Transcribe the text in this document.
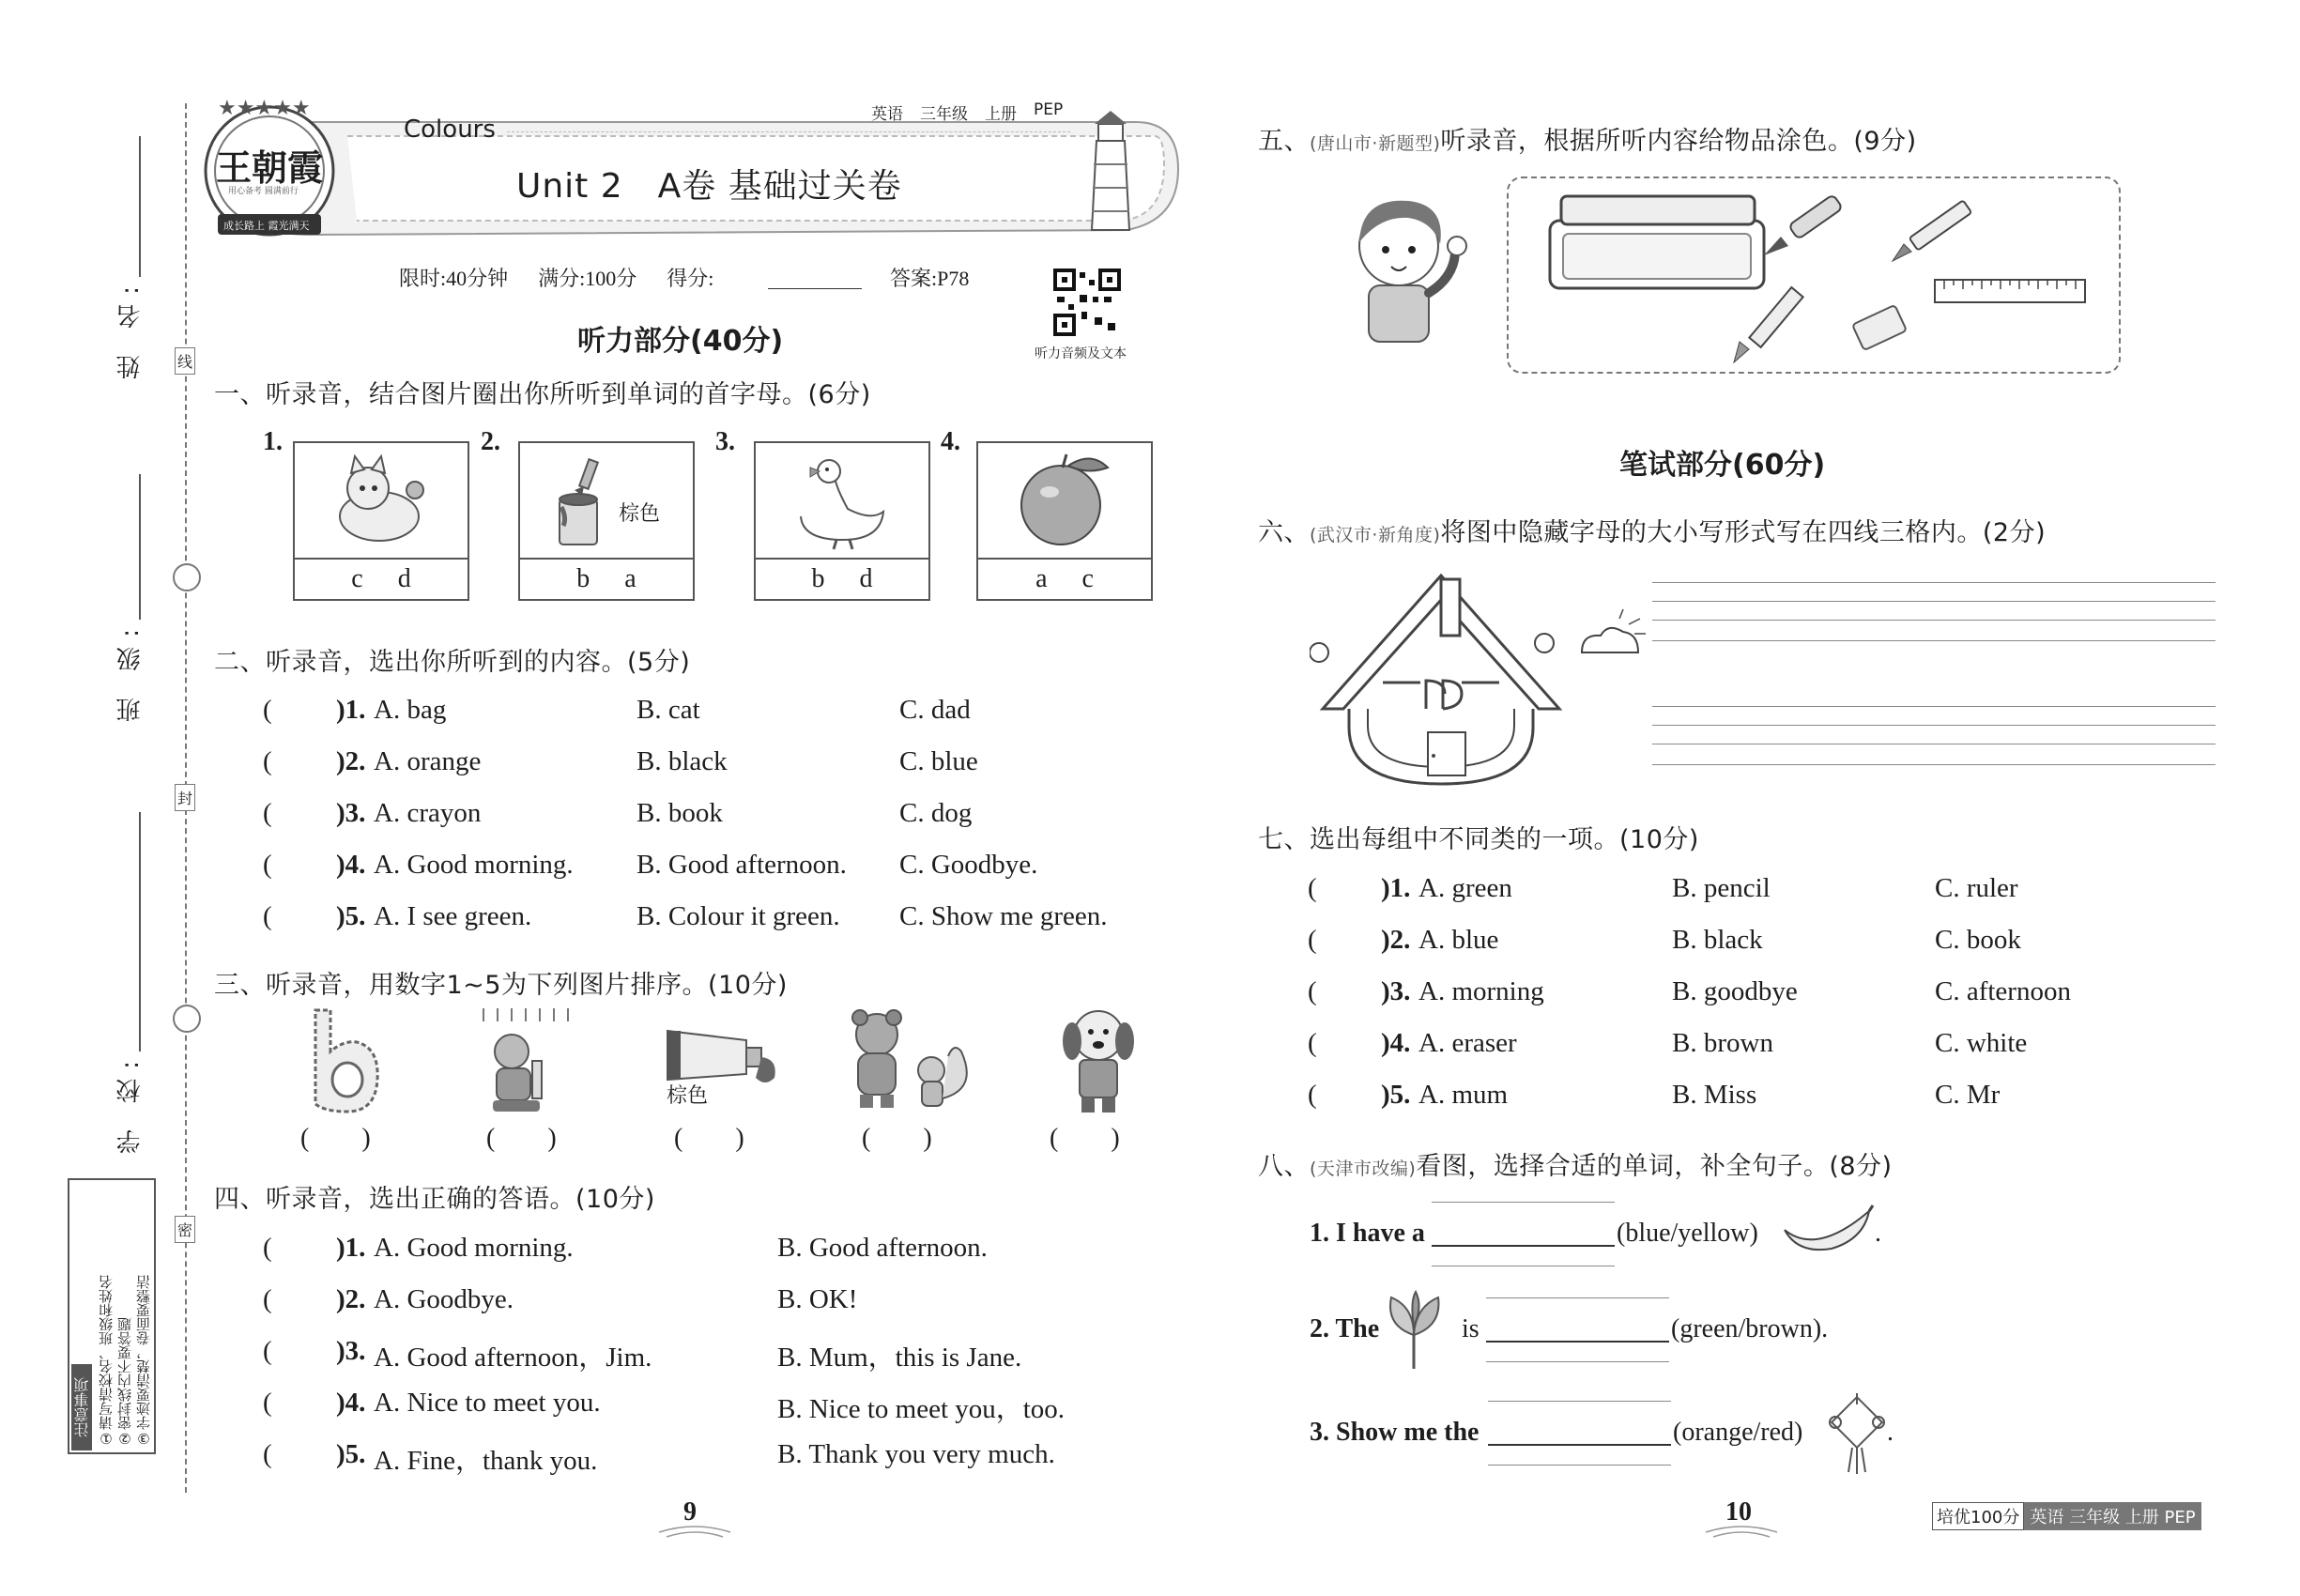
姓 名:
班 级:
学 校:
线
封
密
注意事项 ①请写清校名、班级和姓名 ②密封线内不要答题 ③字迹要清楚，卷面要整洁
★★★★★
王朝霞
用心备考 圆满前行
成长路上 霞光满天
Colours
英语 三年级 上册 PEP
Unit 2　A卷 基础过关卷
限时:40分钟 满分:100分 得分:	答案:P78
听力音频及文本
听力部分(40分)
一、听录音，结合图片圈出你所听到单词的首字母。(6分)
1.
c d
2.
棕色
b a
3.
b d
4.
a c
二、听录音，选出你所听到的内容。(5分)
( )1. A. bag	B. cat	C. dad
( )2. A. orange	B. black	C. blue
( )3. A. crayon	B. book	C. dog
( )4. A. Good morning. B. Good afternoon. C. Goodbye.
( )5. A. I see green.	B. Colour it green. C. Show me green.
三、听录音，用数字1~5为下列图片排序。(10分)
棕色
(　　)	(　　)	(　　)	(　　)	(　　)
四、听录音，选出正确的答语。(10分)
( )1. A. Good morning.	B. Good afternoon.
( )2. A. Goodbye.	B. OK!
( )3. A. Good afternoon，Jim.	B. Mum，this is Jane.
( )4. A. Nice to meet you.	B. Nice to meet you，too.
( )5. A. Fine，thank you.	B. Thank you very much.
9
五、(唐山市·新题型)听录音，根据所听内容给物品涂色。(9分)
笔试部分(60分)
六、(武汉市·新角度)将图中隐藏字母的大小写形式写在四线三格内。(2分)
七、选出每组中不同类的一项。(10分)
( )1. A. green	B. pencil	C. ruler
( )2. A. blue	B. black	C. book
( )3. A. morning	B. goodbye	C. afternoon
( )4. A. eraser	B. brown	C. white
( )5. A. mum	B. Miss	C. Mr
八、(天津市改编)看图，选择合适的单词，补全句子。(8分)
1. I have a	(blue/yellow)	.
2. The	is	(green/brown).
3. Show me the	(orange/red)	.
10	培优100分 英语 三年级 上册 PEP
